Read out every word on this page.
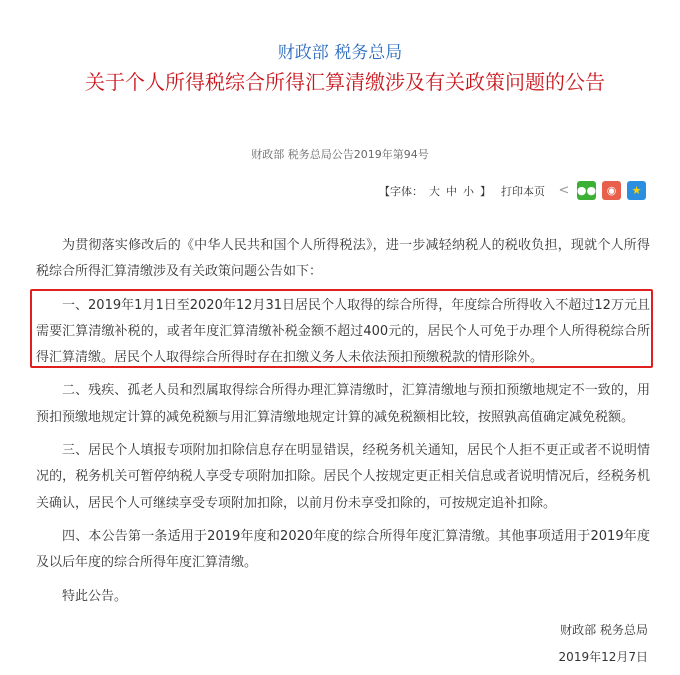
财政部 税务总局
关于个人所得税综合所得汇算清缴涉及有关政策问题的公告
财政部 税务总局公告2019年第94号
【字体： 大 中 小 】 打印本页 < ●● ◉	★

为贯彻落实修改后的《中华人民共和国个人所得税法》，进一步减轻纳税人的税收负担，现就个人所得税综合所得汇算清缴涉及有关政策问题公告如下：

一、2019年1月1日至2020年12月31日居民个人取得的综合所得，年度综合所得收入不超过12万元且需要汇算清缴补税的，或者年度汇算清缴补税金额不超过400元的，居民个人可免于办理个人所得税综合所得汇算清缴。居民个人取得综合所得时存在扣缴义务人未依法预扣预缴税款的情形除外。

二、残疾、孤老人员和烈属取得综合所得办理汇算清缴时，汇算清缴地与预扣预缴地规定不一致的，用预扣预缴地规定计算的减免税额与用汇算清缴地规定计算的减免税额相比较，按照孰高值确定减免税额。

三、居民个人填报专项附加扣除信息存在明显错误，经税务机关通知，居民个人拒不更正或者不说明情况的，税务机关可暂停纳税人享受专项附加扣除。居民个人按规定更正相关信息或者说明情况后，经税务机关确认，居民个人可继续享受专项附加扣除，以前月份未享受扣除的，可按规定追补扣除。

四、本公告第一条适用于2019年度和2020年度的综合所得年度汇算清缴。其他事项适用于2019年度及以后年度的综合所得年度汇算清缴。

特此公告。

财政部 税务总局
2019年12月7日
